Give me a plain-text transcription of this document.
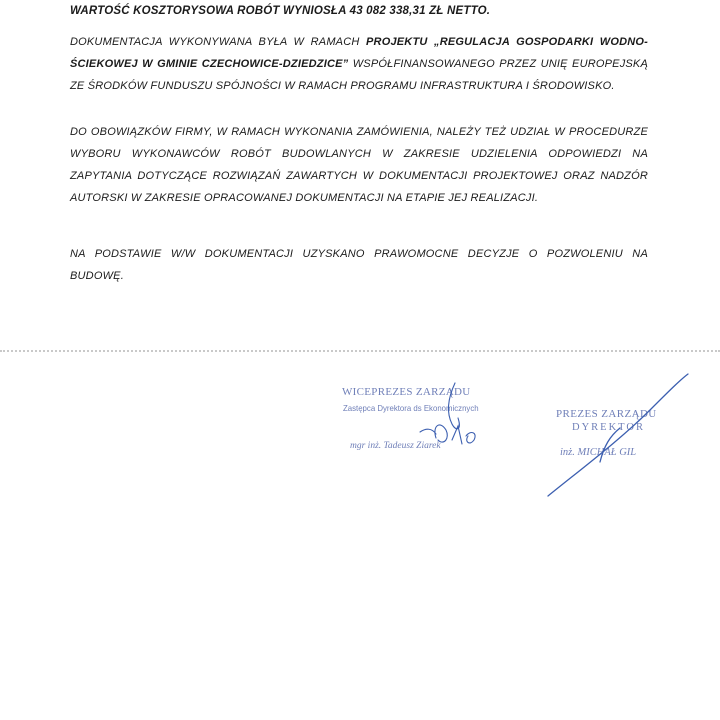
WARTOŚĆ KOSZTORYSOWA ROBÓT WYNIOSŁA 43 082 338,31 ZŁ NETTO.
DOKUMENTACJA WYKONYWANA BYŁA W RAMACH PROJEKTU „REGULACJA GOSPODARKI WODNO-ŚCIEKOWEJ W GMINIE CZECHOWICE-DZIEDZICE” WSPÓŁFINANSOWANEGO PRZEZ UNIĘ EUROPEJSKĄ ZE ŚRODKÓW FUNDUSZU SPÓJNOŚCI W RAMACH PROGRAMU INFRASTRUKTURA I ŚRODOWISKO.
DO OBOWIĄZKÓW FIRMY, W RAMACH WYKONANIA ZAMÓWIENIA, NALEŻY TEŻ UDZIAŁ W PROCEDURZE WYBORU WYKONAWCÓW ROBÓT BUDOWLANYCH W ZAKRESIE UDZIELENIA ODPOWIEDZI NA ZAPYTANIA DOTYCZĄCE ROZWIĄZAŃ ZAWARTYCH W DOKUMENTACJI PROJEKTOWEJ ORAZ NADZÓR AUTORSKI W ZAKRESIE OPRACOWANEJ DOKUMENTACJI NA ETAPIE JEJ REALIZACJI.
NA PODSTAWIE W/W DOKUMENTACJI UZYSKANO PRAWOMOCNE DECYZJE O POZWOLENIU NA BUDOWĘ.
WICEPREZES ZARZĄDU
Zastępca Dyrektora ds Ekonomicznych
mgr inż. Tadeusz Ziarek
PREZES ZARZĄDU
DYREKTOR
inż. MICHAŁ GIL
